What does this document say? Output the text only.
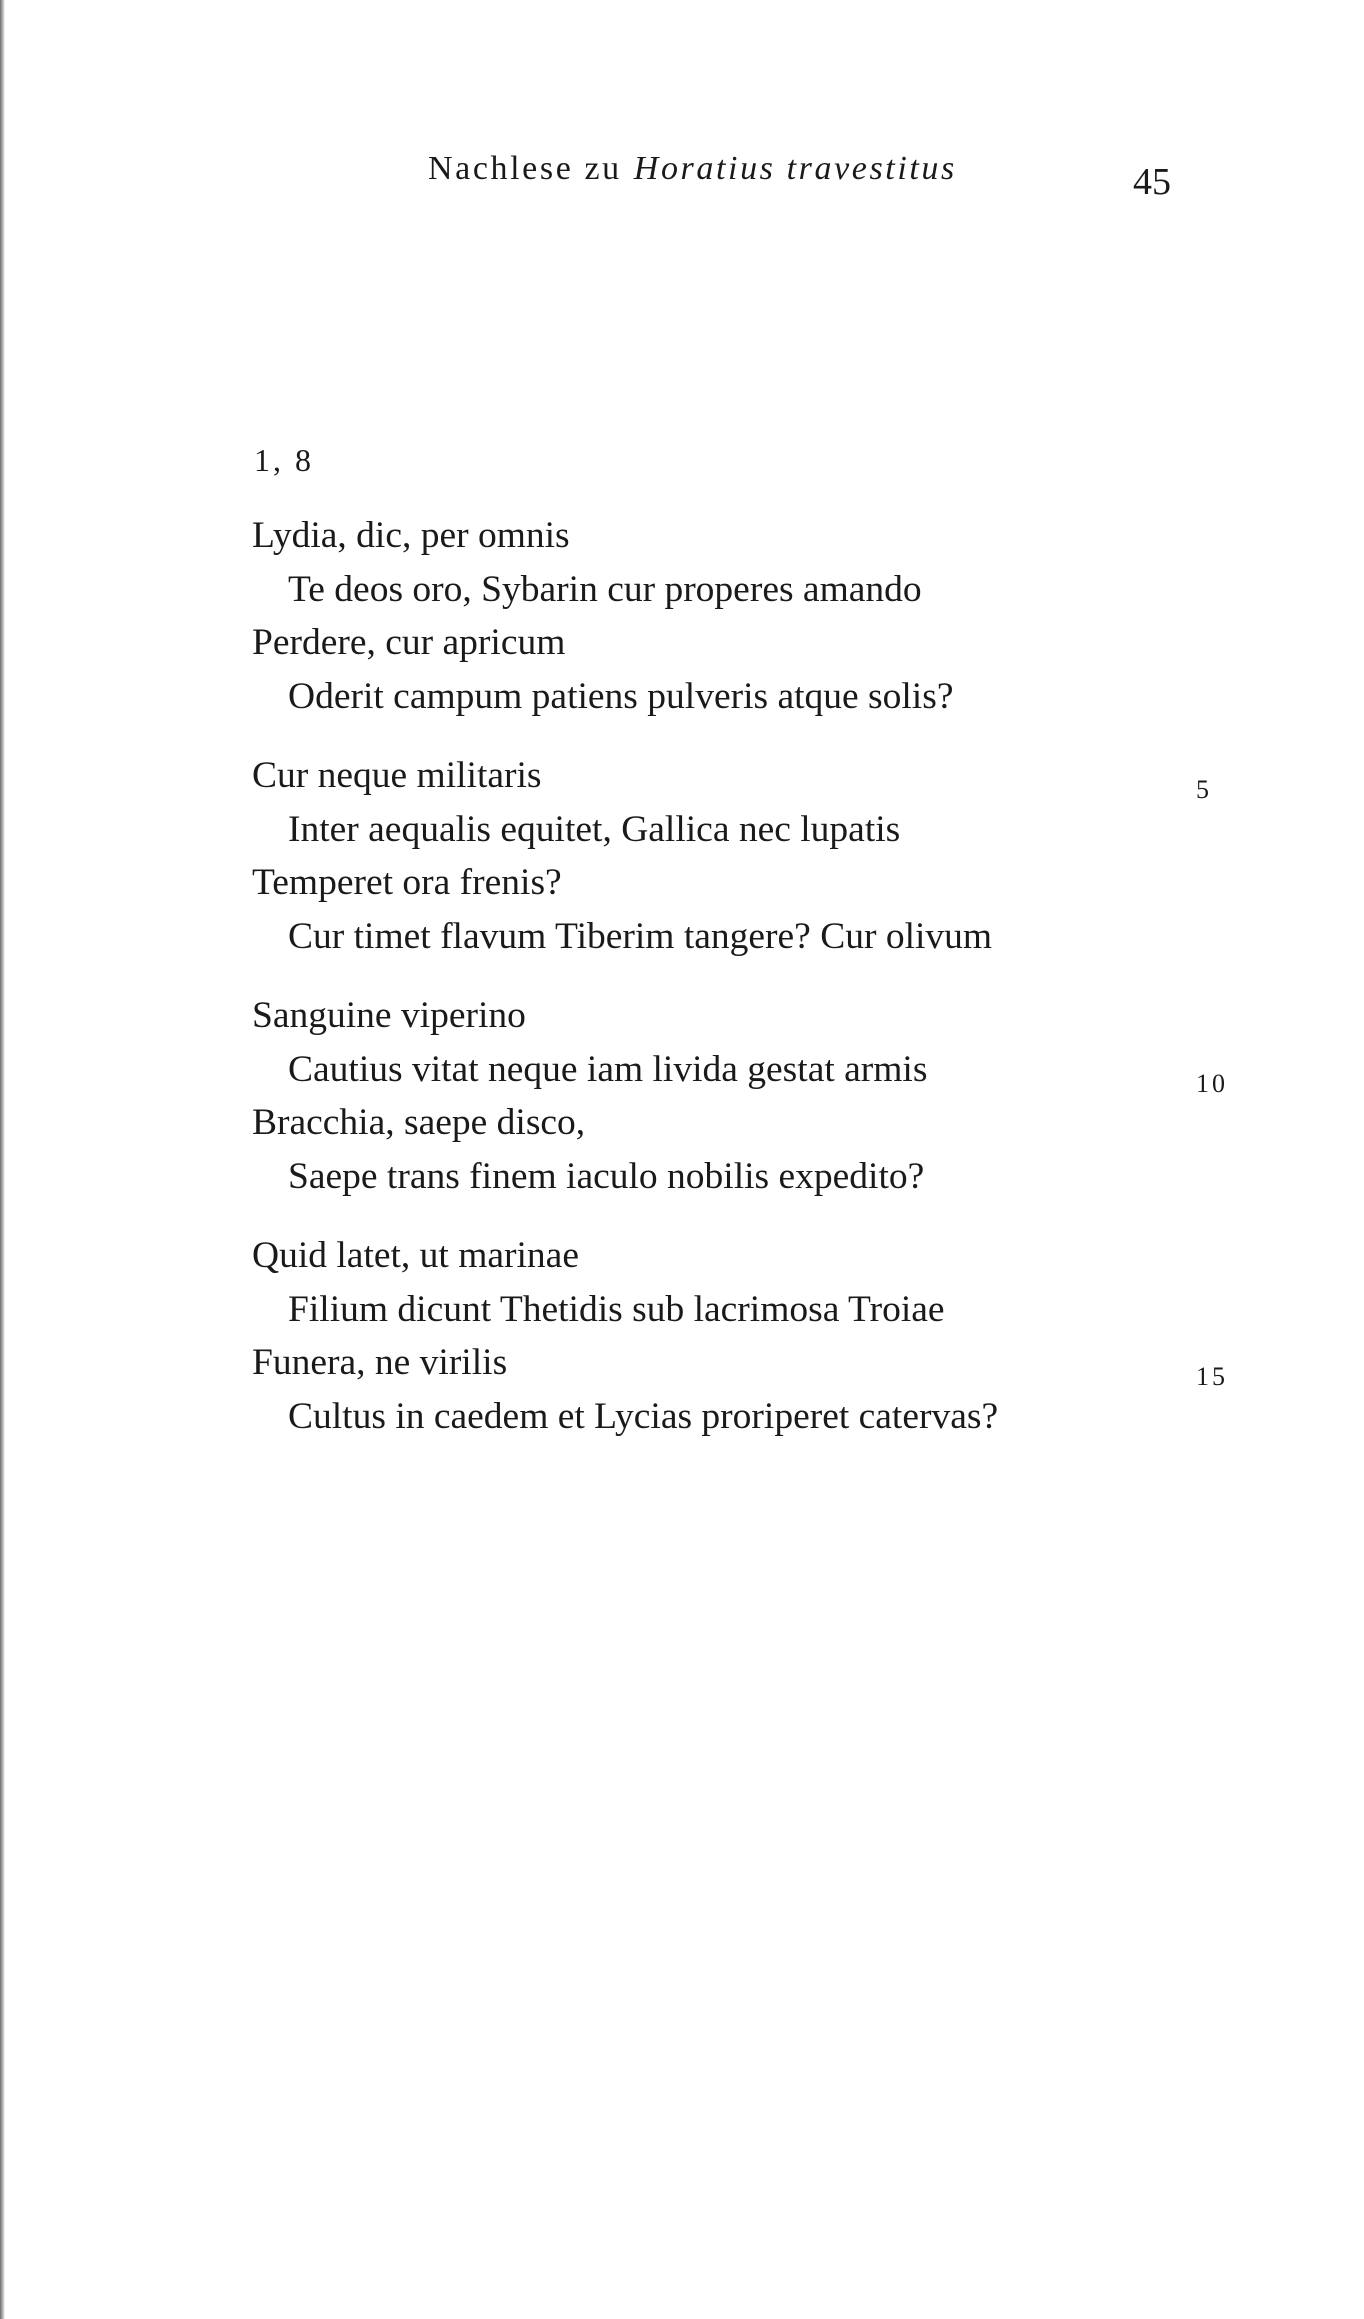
Nachlese zu Horatius travestitus	45
1, 8
Lydia, dic, per omnis
Te deos oro, Sybarin cur properes amando
Perdere, cur apricum
Oderit campum patiens pulveris atque solis?
Cur neque militaris
Inter aequalis equitet, Gallica nec lupatis
Temperet ora frenis?
Cur timet flavum Tiberim tangere? Cur olivum
Sanguine viperino
Cautius vitat neque iam livida gestat armis
Bracchia, saepe disco,
Saepe trans finem iaculo nobilis expedito?
Quid latet, ut marinae
Filium dicunt Thetidis sub lacrimosa Troiae
Funera, ne virilis
Cultus in caedem et Lycias proriperet catervas?
5
10
15
